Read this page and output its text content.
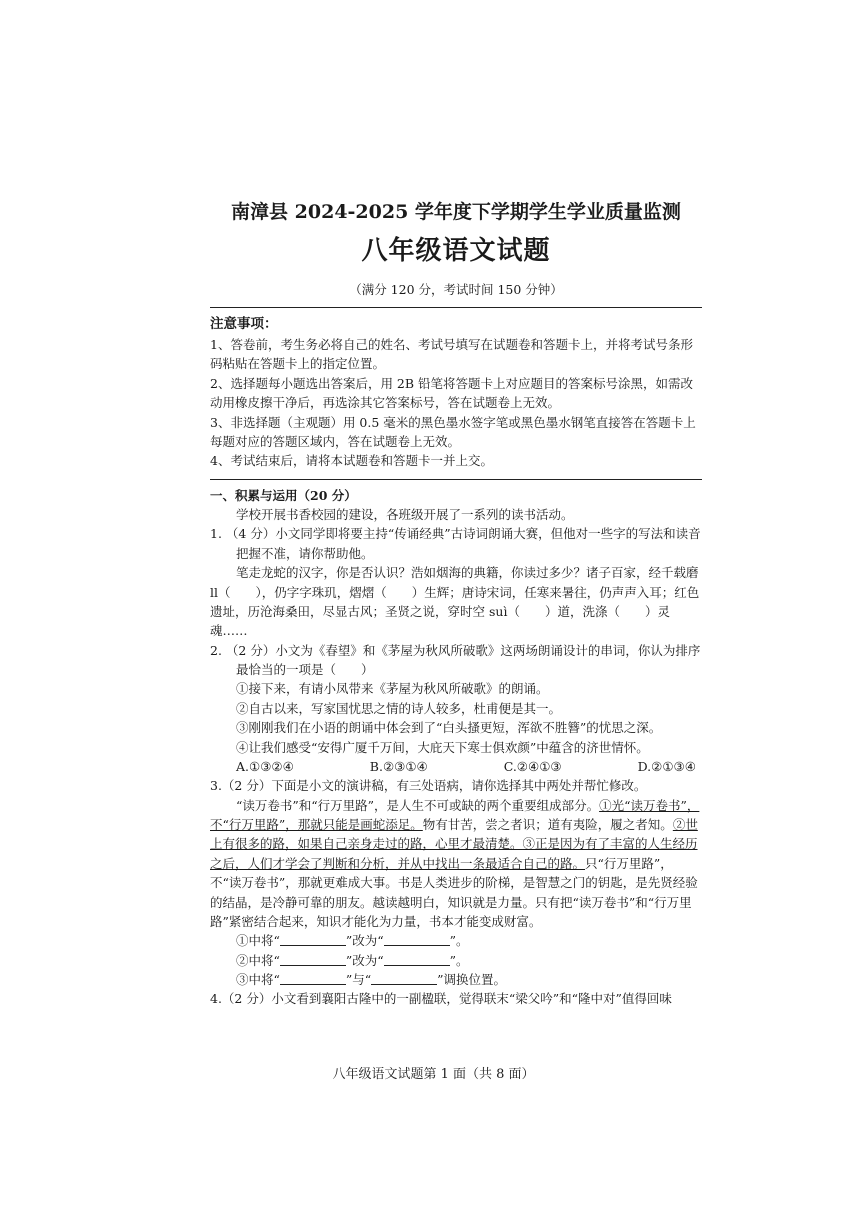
南漳县 2024-2025 学年度下学期学生学业质量监测
八年级语文试题
（满分 120 分，考试时间 150 分钟）
注意事项：

1、答卷前，考生务必将自己的姓名、考试号填写在试题卷和答题卡上，并将考试号条形码粘贴在答题卡上的指定位置。

2、选择题每小题选出答案后，用 2B 铅笔将答题卡上对应题目的答案标号涂黑，如需改动用橡皮擦干净后，再选涂其它答案标号，答在试题卷上无效。

3、非选择题（主观题）用 0.5 毫米的黑色墨水签字笔或黑色墨水钢笔直接答在答题卡上每题对应的答题区域内，答在试题卷上无效。

4、考试结束后，请将本试题卷和答题卡一并上交。

一、积累与运用（20 分）

学校开展书香校园的建设，各班级开展了一系列的读书活动。

1. （4 分）小文同学即将要主持“传诵经典”古诗词朗诵大赛，但他对一些字的写法和读音把握不准，请你帮助他。

笔走龙蛇的汉字，你是否认识？浩如烟海的典籍，你读过多少？诸子百家，经千载磨 ll（　　），仍字字珠玑，熠熠（　　）生辉；唐诗宋词，任寒来暑往，仍声声入耳；红色遗址，历沧海桑田，尽显古风；圣贤之说，穿时空 suì（　　）道，洗涤（　　）灵魂……

2. （2 分）小文为《春望》和《茅屋为秋风所破歌》这两场朗诵设计的串词，你认为排序最恰当的一项是（　　）

①接下来，有请小凤带来《茅屋为秋风所破歌》的朗诵。

②自古以来，写家国忧思之情的诗人较多，杜甫便是其一。

③刚刚我们在小语的朗诵中体会到了“白头搔更短，浑欲不胜簪”的忧思之深。

④让我们感受“安得广厦千万间，大庇天下寒士俱欢颜”中蕴含的济世情怀。

A.①③②④	B.②③①④	C.②④①③	D.②①③④

3.（2 分）下面是小文的演讲稿，有三处语病，请你选择其中两处并帮忙修改。

“读万卷书”和“行万里路”，是人生不可或缺的两个重要组成部分。①光“读万卷书”，不“行万里路”，那就只能是画蛇添足。物有甘苦，尝之者识；道有夷险，履之者知。②世上有很多的路，如果自己亲身走过的路，心里才最清楚。③正是因为有了丰富的人生经历之后，人们才学会了判断和分析，并从中找出一条最适合自己的路。只“行万里路”，不“读万卷书”，那就更难成大事。书是人类进步的阶梯，是智慧之门的钥匙，是先贤经验的结晶，是冷静可靠的朋友。越读越明白，知识就是力量。只有把“读万卷书”和“行万里路”紧密结合起来，知识才能化为力量，书本才能变成财富。

①中将“	”改为“	”。

②中将“	”改为“	”。

③中将“	”与“	”调换位置。

4.（2 分）小文看到襄阳古隆中的一副楹联，觉得联末“梁父吟”和“隆中对”值得回味

八年级语文试题第 1 面（共 8 面）
